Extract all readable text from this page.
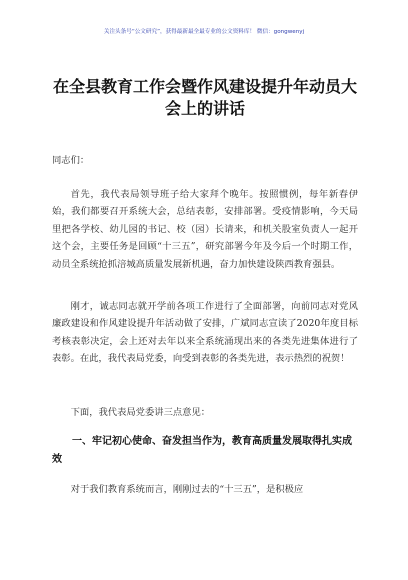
关注头条号“公文研究”，获得最新最全最专业的公文资料库！ 微信：gongwenyj
在全县教育工作会暨作风建设提升年动员大会上的讲话

同志们：

首先，我代表局领导班子给大家拜个晚年。按照惯例，每年新春伊始，我们都要召开系统大会，总结表彰，安排部署。受疫情影响，今天局里把各学校、幼儿园的书记、校（园）长请来，和机关股室负责人一起开这个会，主要任务是回顾“十三五”，研究部署今年及今后一个时期工作，动员全系统抢抓涪城高质量发展新机遇，奋力加快建设陕西教育强县。

刚才，诚志同志就开学前各项工作进行了全面部署，向前同志对党风廉政建设和作风建设提升年活动做了安排，广斌同志宣读了2020年度目标考核表彰决定，会上还对去年以来全系统涌现出来的各类先进集体进行了表彰。在此，我代表局党委，向受到表彰的各类先进，表示热烈的祝贺！

下面，我代表局党委讲三点意见：

一、牢记初心使命、奋发担当作为，教育高质量发展取得扎实成效

对于我们教育系统而言，刚刚过去的“十三五”，是积极应
